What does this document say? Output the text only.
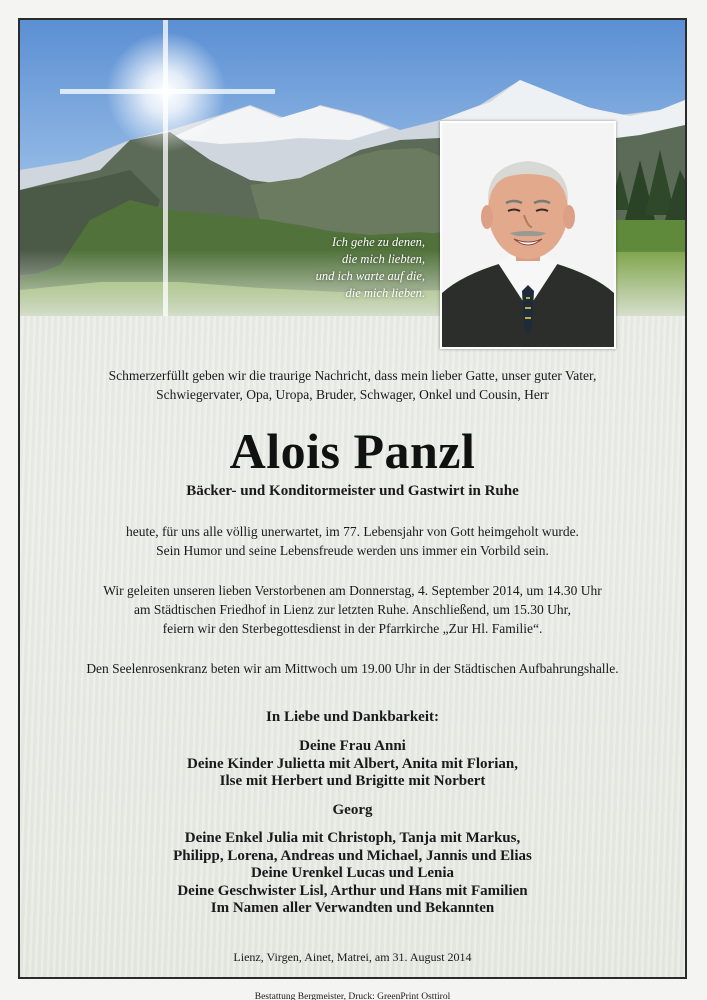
Ich gehe zu denen,
die mich liebten,
und ich warte auf die,
die mich lieben.
Schmerzerfüllt geben wir die traurige Nachricht, dass mein lieber Gatte, unser guter Vater,
Schwiegervater, Opa, Uropa, Bruder, Schwager, Onkel und Cousin, Herr
Alois Panzl
Bäcker- und Konditormeister und Gastwirt in Ruhe
heute, für uns alle völlig unerwartet, im 77. Lebensjahr von Gott heimgeholt wurde.
Sein Humor und seine Lebensfreude werden uns immer ein Vorbild sein.
Wir geleiten unseren lieben Verstorbenen am Donnerstag, 4. September 2014, um 14.30 Uhr
am Städtischen Friedhof in Lienz zur letzten Ruhe. Anschließend, um 15.30 Uhr,
feiern wir den Sterbegottesdienst in der Pfarrkirche „Zur Hl. Familie“.
Den Seelenrosenkranz beten wir am Mittwoch um 19.00 Uhr in der Städtischen Aufbahrungshalle.
In Liebe und Dankbarkeit:
Deine Frau Anni
Deine Kinder Julietta mit Albert, Anita mit Florian,
Ilse mit Herbert und Brigitte mit Norbert
Georg
Deine Enkel Julia mit Christoph, Tanja mit Markus,
Philipp, Lorena, Andreas und Michael, Jannis und Elias
Deine Urenkel Lucas und Lenia
Deine Geschwister Lisl, Arthur und Hans mit Familien
Im Namen aller Verwandten und Bekannten
Lienz, Virgen, Ainet, Matrei, am 31. August 2014
Bestattung Bergmeister, Druck: GreenPrint Osttirol
